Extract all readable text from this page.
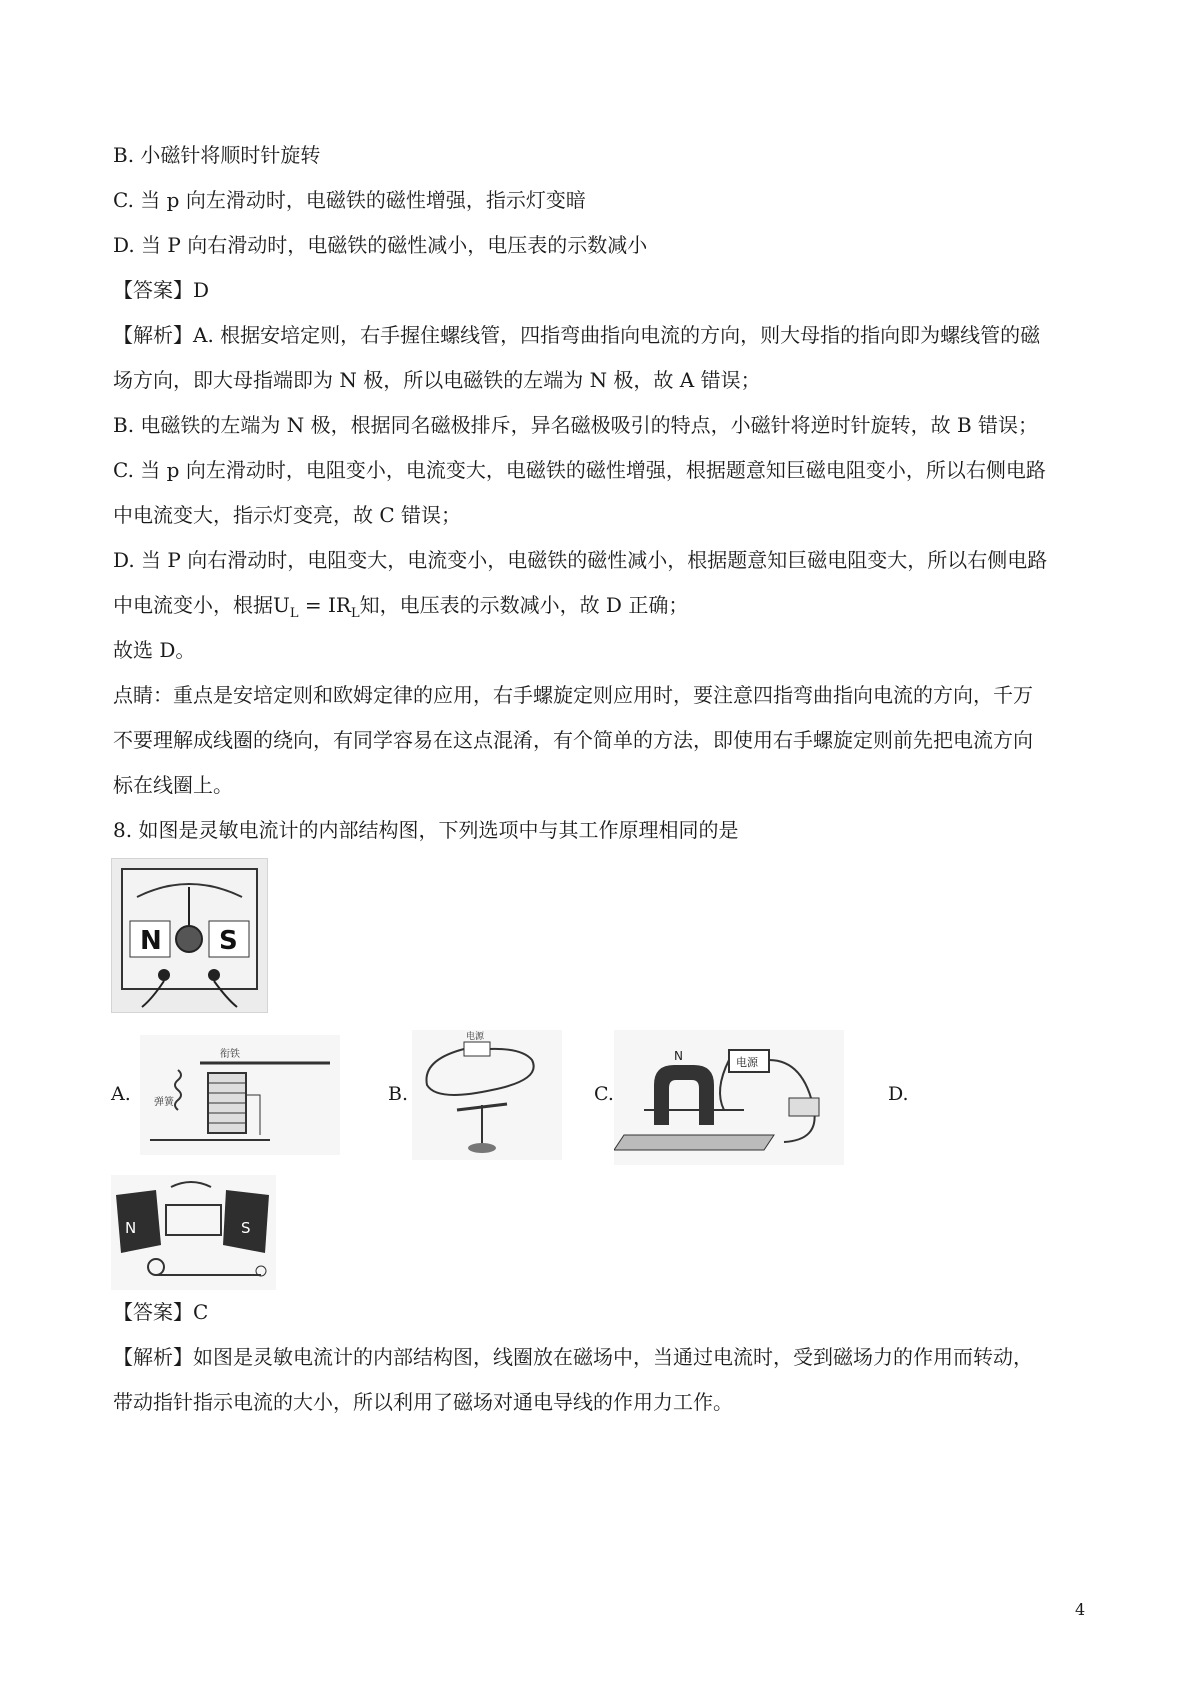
B. 小磁针将顺时针旋转
C. 当 p 向左滑动时，电磁铁的磁性增强，指示灯变暗
D. 当 P 向右滑动时，电磁铁的磁性减小，电压表的示数减小
【答案】D
【解析】A. 根据安培定则，右手握住螺线管，四指弯曲指向电流的方向，则大母指的指向即为螺线管的磁
场方向，即大母指端即为 N 极，所以电磁铁的左端为 N 极，故 A 错误；
B. 电磁铁的左端为 N 极，根据同名磁极排斥，异名磁极吸引的特点，小磁针将逆时针旋转，故 B 错误；
C. 当 p 向左滑动时，电阻变小，电流变大，电磁铁的磁性增强，根据题意知巨磁电阻变小，所以右侧电路
中电流变大，指示灯变亮，故 C 错误；
D. 当 P 向右滑动时，电阻变大，电流变小，电磁铁的磁性减小，根据题意知巨磁电阻变大，所以右侧电路
中电流变小，根据$U_L = IR_L$知，电压表的示数减小，故 D 正确；
故选 D。
点睛：重点是安培定则和欧姆定律的应用，右手螺旋定则应用时，要注意四指弯曲指向电流的方向，千万
不要理解成线圈的绕向，有同学容易在这点混淆，有个简单的方法，即使用右手螺旋定则前先把电流方向
标在线圈上。
8. 如图是灵敏电流计的内部结构图，下列选项中与其工作原理相同的是
N S
A.	B.	C.	D.
衔铁
弹簧
电源
N	电源
N	S
【答案】C
【解析】如图是灵敏电流计的内部结构图，线圈放在磁场中，当通过电流时，受到磁场力的作用而转动，
带动指针指示电流的大小，所以利用了磁场对通电导线的作用力工作。
4
